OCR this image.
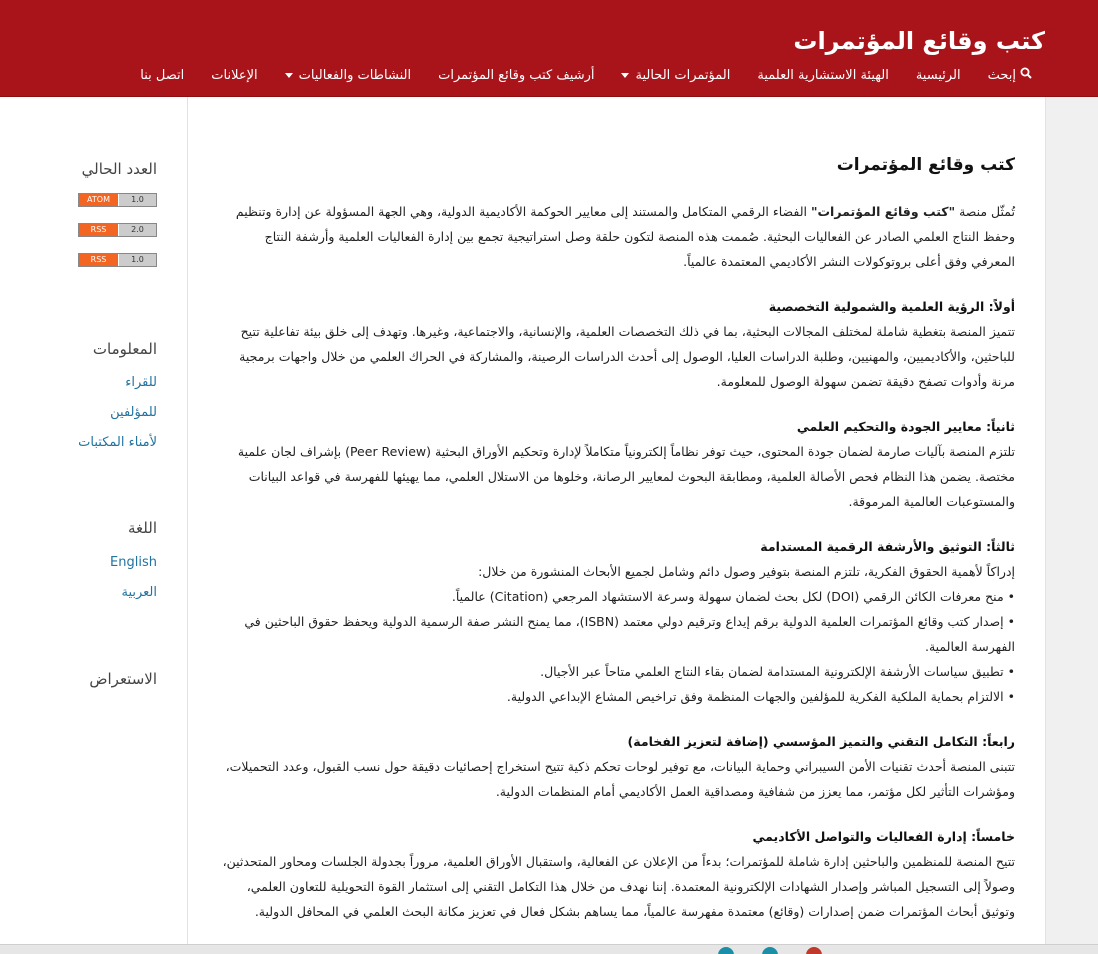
كتب وقائع المؤتمرات
إبحث
الرئيسية
الهيئة الاستشارية العلمية
المؤتمرات الحالية
أرشيف كتب وقائع المؤتمرات
النشاطات والفعاليات
الإعلانات
اتصل بنا
العدد الحالي
ATOM	1.0
RSS	2.0
RSS	1.0
المعلومات
للقراء
للمؤلفين
لأمناء المكتبات
اللغة
English
العربية
الاستعراض
كتب وقائع المؤتمرات
تُمثّل منصة "كتب وقائع المؤتمرات" الفضاء الرقمي المتكامل والمستند إلى معايير الحوكمة الأكاديمية الدولية، وهي الجهة المسؤولة عن إدارة وتنظيم وحفظ النتاج العلمي الصادر عن الفعاليات البحثية. صُممت هذه المنصة لتكون حلقة وصل استراتيجية تجمع بين إدارة الفعاليات العلمية وأرشفة النتاج المعرفي وفق أعلى بروتوكولات النشر الأكاديمي المعتمدة عالمياً.
أولاً: الرؤية العلمية والشمولية التخصصية
تتميز المنصة بتغطية شاملة لمختلف المجالات البحثية، بما في ذلك التخصصات العلمية، والإنسانية، والاجتماعية، وغيرها. وتهدف إلى خلق بيئة تفاعلية تتيح للباحثين، والأكاديميين، والمهنيين، وطلبة الدراسات العليا، الوصول إلى أحدث الدراسات الرصينة، والمشاركة في الحراك العلمي من خلال واجهات برمجية مرنة وأدوات تصفح دقيقة تضمن سهولة الوصول للمعلومة.
ثانياً: معايير الجودة والتحكيم العلمي
تلتزم المنصة بآليات صارمة لضمان جودة المحتوى، حيث توفر نظاماً إلكترونياً متكاملاً لإدارة وتحكيم الأوراق البحثية (Peer Review) بإشراف لجان علمية مختصة. يضمن هذا النظام فحص الأصالة العلمية، ومطابقة البحوث لمعايير الرصانة، وخلوها من الاستلال العلمي، مما يهيئها للفهرسة في قواعد البيانات والمستوعبات العالمية المرموقة.
ثالثاً: التوثيق والأرشفة الرقمية المستدامة
إدراكاً لأهمية الحقوق الفكرية، تلتزم المنصة بتوفير وصول دائم وشامل لجميع الأبحاث المنشورة من خلال:
• منح معرفات الكائن الرقمي (DOI) لكل بحث لضمان سهولة وسرعة الاستشهاد المرجعي (Citation) عالمياً.
• إصدار كتب وقائع المؤتمرات العلمية الدولية برقم إيداع وترقيم دولي معتمد (ISBN)، مما يمنح النشر صفة الرسمية الدولية ويحفظ حقوق الباحثين في الفهرسة العالمية.
• تطبيق سياسات الأرشفة الإلكترونية المستدامة لضمان بقاء النتاج العلمي متاحاً عبر الأجيال.
• الالتزام بحماية الملكية الفكرية للمؤلفين والجهات المنظمة وفق تراخيص المشاع الإبداعي الدولية.
رابعاً: التكامل التقني والتميز المؤسسي (إضافة لتعزيز الفخامة)
تتبنى المنصة أحدث تقنيات الأمن السيبراني وحماية البيانات، مع توفير لوحات تحكم ذكية تتيح استخراج إحصائيات دقيقة حول نسب القبول، وعدد التحميلات، ومؤشرات التأثير لكل مؤتمر، مما يعزز من شفافية ومصداقية العمل الأكاديمي أمام المنظمات الدولية.
خامساً: إدارة الفعاليات والتواصل الأكاديمي
تتيح المنصة للمنظمين والباحثين إدارة شاملة للمؤتمرات؛ بدءاً من الإعلان عن الفعالية، واستقبال الأوراق العلمية، مروراً بجدولة الجلسات ومحاور المتحدثين، وصولاً إلى التسجيل المباشر وإصدار الشهادات الإلكترونية المعتمدة. إننا نهدف من خلال هذا التكامل التقني إلى استثمار القوة التحويلية للتعاون العلمي، وتوثيق أبحاث المؤتمرات ضمن إصدارات (وقائع) معتمدة مفهرسة عالمياً، مما يساهم بشكل فعال في تعزيز مكانة البحث العلمي في المحافل الدولية.
